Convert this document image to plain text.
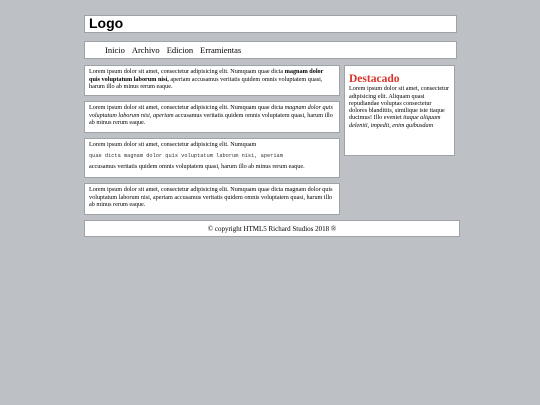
Logo
Inicio Archivo Edicion Erramientas

Lorem ipsum dolor sit amet, consectetur adipisicing elit. Numquam quae dicta magnam dolor quis voluptatum laborum nisi, aperiam accusamus veritatis quidem omnis voluptatem quasi, harum illo ab minus rerum eaque.

Lorem ipsum dolor sit amet, consectetur adipisicing elit. Numquam quae dicta magnam dolor quis voluptatum laborum nisi, aperiam accusamus veritatis quidem omnis voluptatem quasi, harum illo ab minus rerum eaque.

Lorem ipsum dolor sit amet, consectetur adipisicing elit. Numquam

quae dicta magnam dolor quis voluptatum laborum nisi, aperiam

accusamus veritatis quidem omnis voluptatem quasi, harum illo ab minus rerum eaque.

Lorem ipsum dolor sit amet, consectetur adipisicing elit. Numquam quae dicta magnam dolor quis voluptatum laborum nisi, aperiam accusamus veritatis quidem omnis voluptatem quasi, harum illo ab minus rerum eaque.

Destacado

Lorem ipsum dolor sit amet, consectetur adipisicing elit. Aliquam quasi repudiandae voluptas consectetur dolores blanditiis, similique iste itaque ducimus! Illo eveniet itaque aliquam deleniti, impedit, enim quibusdam

© copyright HTML5 Richard Studios 2018 ®
